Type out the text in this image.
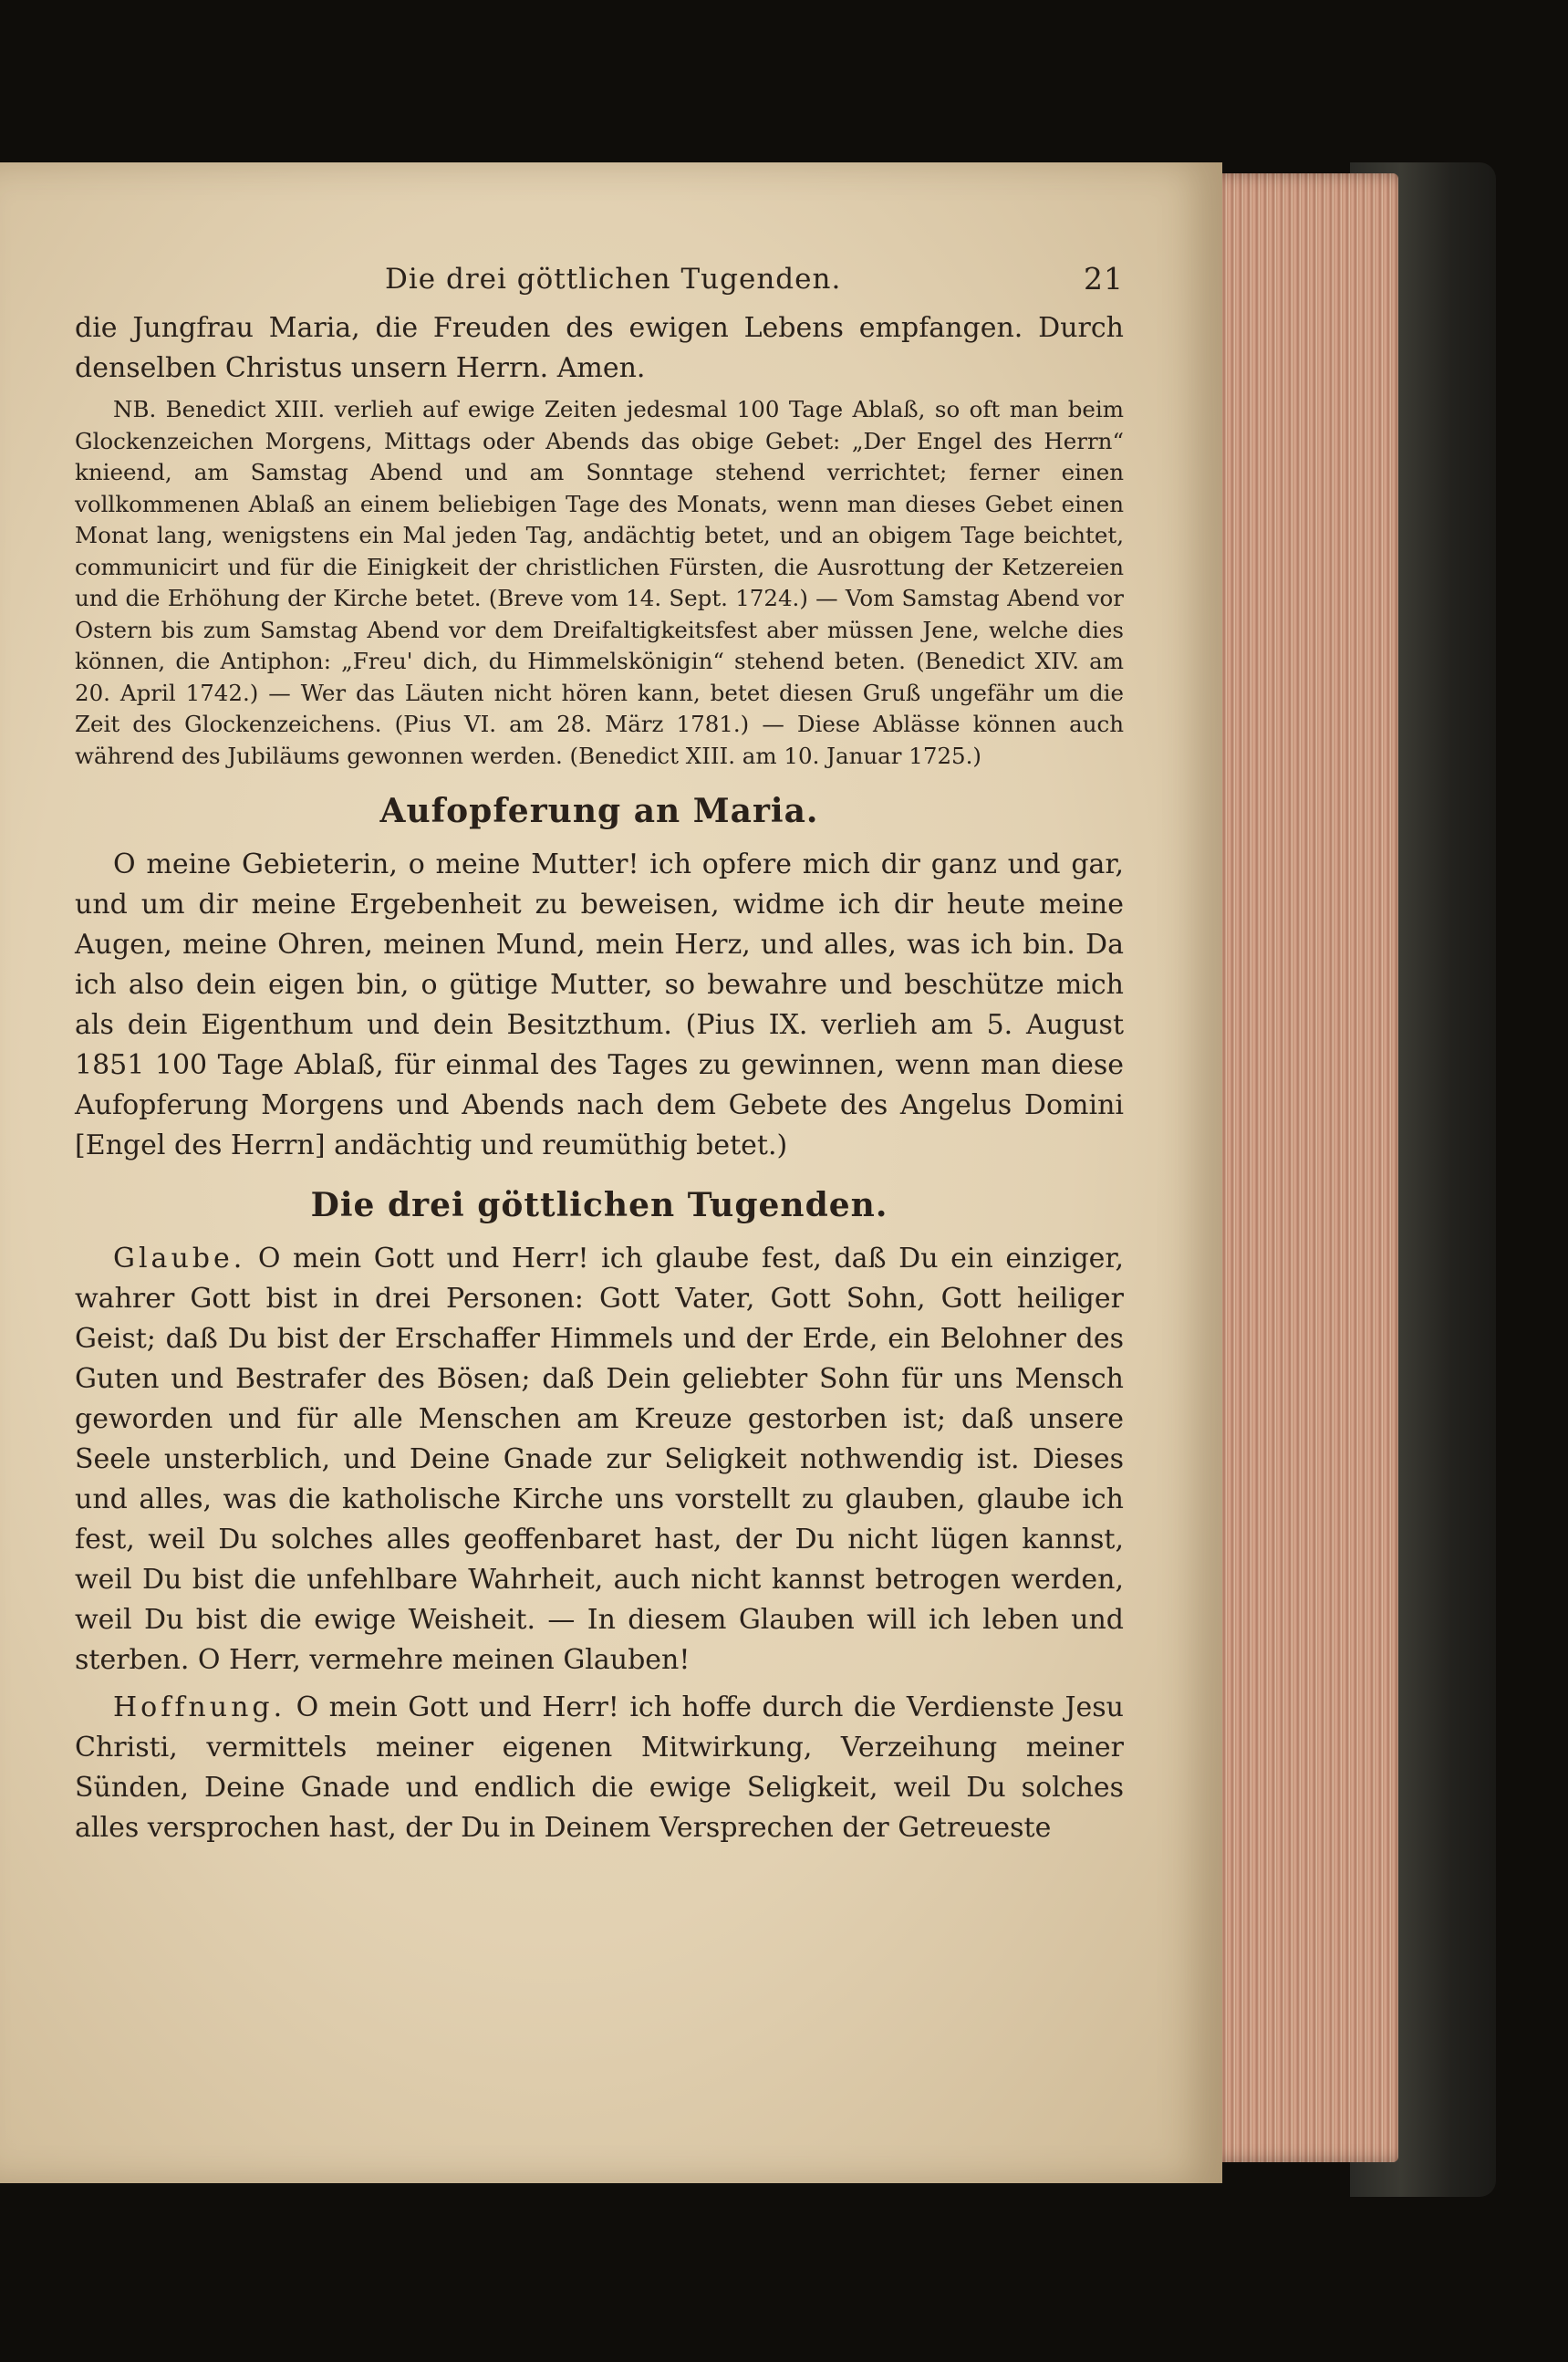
Die drei göttlichen Tugenden.	21

die Jungfrau Maria, die Freuden des ewigen Lebens empfangen. Durch denselben Christus unsern Herrn. Amen.

NB. Benedict XIII. verlieh auf ewige Zeiten jedesmal 100 Tage Ablaß, so oft man beim Glockenzeichen Morgens, Mittags oder Abends das obige Gebet: „Der Engel des Herrn“ knieend, am Samstag Abend und am Sonntage stehend verrichtet; ferner einen vollkommenen Ablaß an einem beliebigen Tage des Monats, wenn man dieses Gebet einen Monat lang, wenigstens ein Mal jeden Tag, andächtig betet, und an obigem Tage beichtet, communicirt und für die Einigkeit der christlichen Fürsten, die Ausrottung der Ketzereien und die Erhöhung der Kirche betet. (Breve vom 14. Sept. 1724.) — Vom Samstag Abend vor Ostern bis zum Samstag Abend vor dem Dreifaltigkeitsfest aber müssen Jene, welche dies können, die Antiphon: „Freu' dich, du Himmelskönigin“ stehend beten. (Benedict XIV. am 20. April 1742.) — Wer das Läuten nicht hören kann, betet diesen Gruß ungefähr um die Zeit des Glockenzeichens. (Pius VI. am 28. März 1781.) — Diese Ablässe können auch während des Jubiläums gewonnen werden. (Benedict XIII. am 10. Januar 1725.)

Aufopferung an Maria.

O meine Gebieterin, o meine Mutter! ich opfere mich dir ganz und gar, und um dir meine Ergebenheit zu beweisen, widme ich dir heute meine Augen, meine Ohren, meinen Mund, mein Herz, und alles, was ich bin. Da ich also dein eigen bin, o gütige Mutter, so bewahre und beschütze mich als dein Eigenthum und dein Besitzthum. (Pius IX. verlieh am 5. August 1851 100 Tage Ablaß, für einmal des Tages zu gewinnen, wenn man diese Aufopferung Morgens und Abends nach dem Gebete des Angelus Domini [Engel des Herrn] andächtig und reumüthig betet.)

Die drei göttlichen Tugenden.

Glaube. O mein Gott und Herr! ich glaube fest, daß Du ein einziger, wahrer Gott bist in drei Personen: Gott Vater, Gott Sohn, Gott heiliger Geist; daß Du bist der Erschaffer Himmels und der Erde, ein Belohner des Guten und Bestrafer des Bösen; daß Dein geliebter Sohn für uns Mensch geworden und für alle Menschen am Kreuze gestorben ist; daß unsere Seele unsterblich, und Deine Gnade zur Seligkeit nothwendig ist. Dieses und alles, was die katholische Kirche uns vorstellt zu glauben, glaube ich fest, weil Du solches alles geoffenbaret hast, der Du nicht lügen kannst, weil Du bist die unfehlbare Wahrheit, auch nicht kannst betrogen werden, weil Du bist die ewige Weisheit. — In diesem Glauben will ich leben und sterben. O Herr, vermehre meinen Glauben!

Hoffnung. O mein Gott und Herr! ich hoffe durch die Verdienste Jesu Christi, vermittels meiner eigenen Mitwirkung, Verzeihung meiner Sünden, Deine Gnade und endlich die ewige Seligkeit, weil Du solches alles versprochen hast, der Du in Deinem Versprechen der Getreueste
